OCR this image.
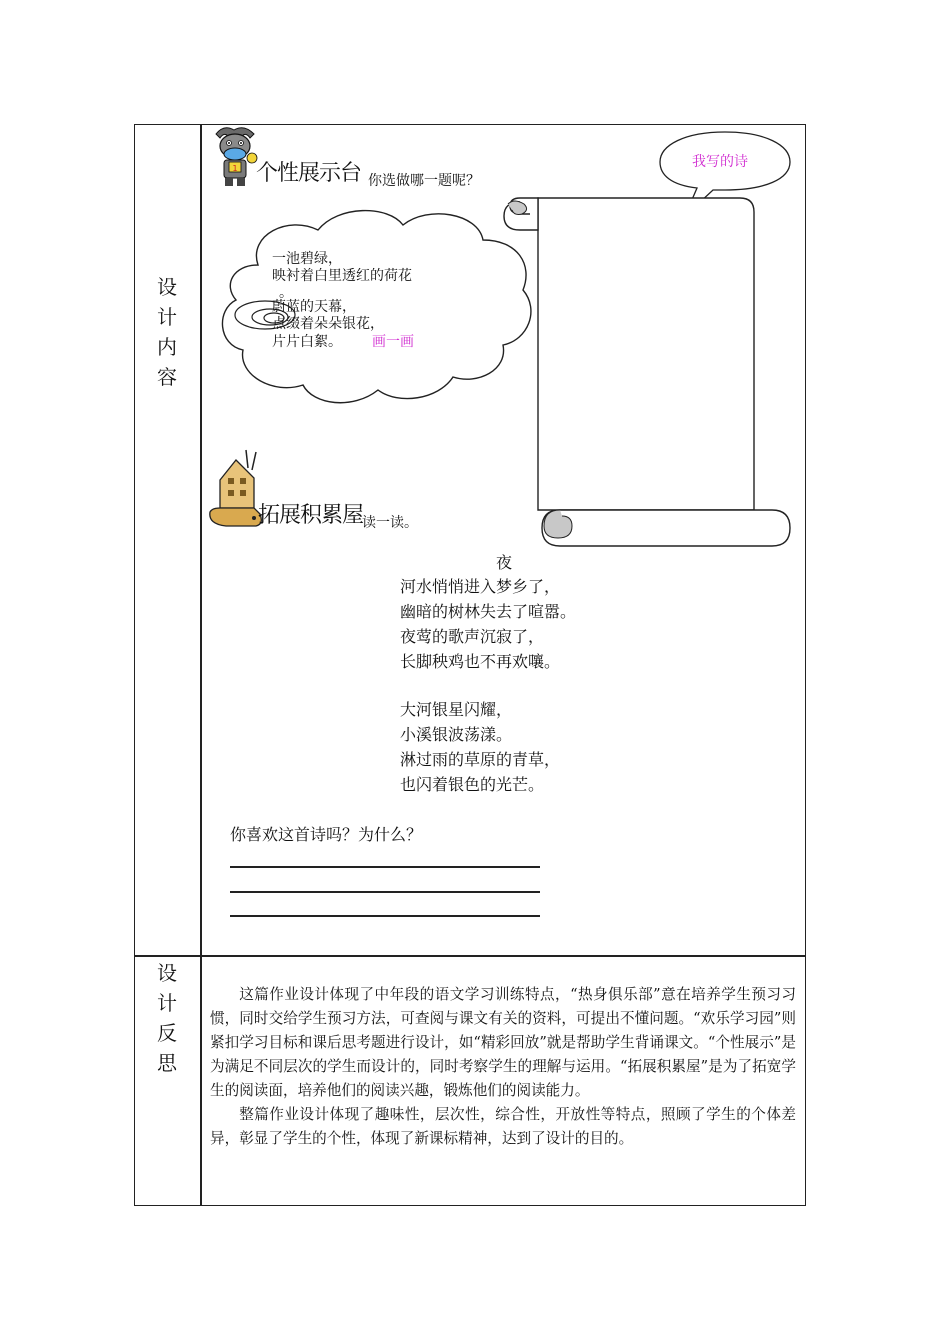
设
计
内
容
设
计
反
思
1 个性展示台 你选做哪一题呢？
我写的诗
一池碧绿，
映衬着白里透红的荷花
。
蔚蓝的天幕，
点缀着朵朵银花，
片片白絮。 画一画
拓展积累屋
读一读。
夜
河水悄悄进入梦乡了，
幽暗的树林失去了喧嚣。
夜莺的歌声沉寂了，
长脚秧鸡也不再欢嚷。
大河银星闪耀，
小溪银波荡漾。
淋过雨的草原的青草，
也闪着银色的光芒。
你喜欢这首诗吗？为什么？

这篇作业设计体现了中年段的语文学习训练特点，“热身俱乐部”意在培养学生预习习惯，同时交给学生预习方法，可查阅与课文有关的资料，可提出不懂问题。“欢乐学习园”则紧扣学习目标和课后思考题进行设计，如“精彩回放”就是帮助学生背诵课文。“个性展示”是为满足不同层次的学生而设计的，同时考察学生的理解与运用。“拓展积累屋”是为了拓宽学生的阅读面，培养他们的阅读兴趣，锻炼他们的阅读能力。

整篇作业设计体现了趣味性，层次性，综合性，开放性等特点，照顾了学生的个体差异，彰显了学生的个性，体现了新课标精神，达到了设计的目的。
